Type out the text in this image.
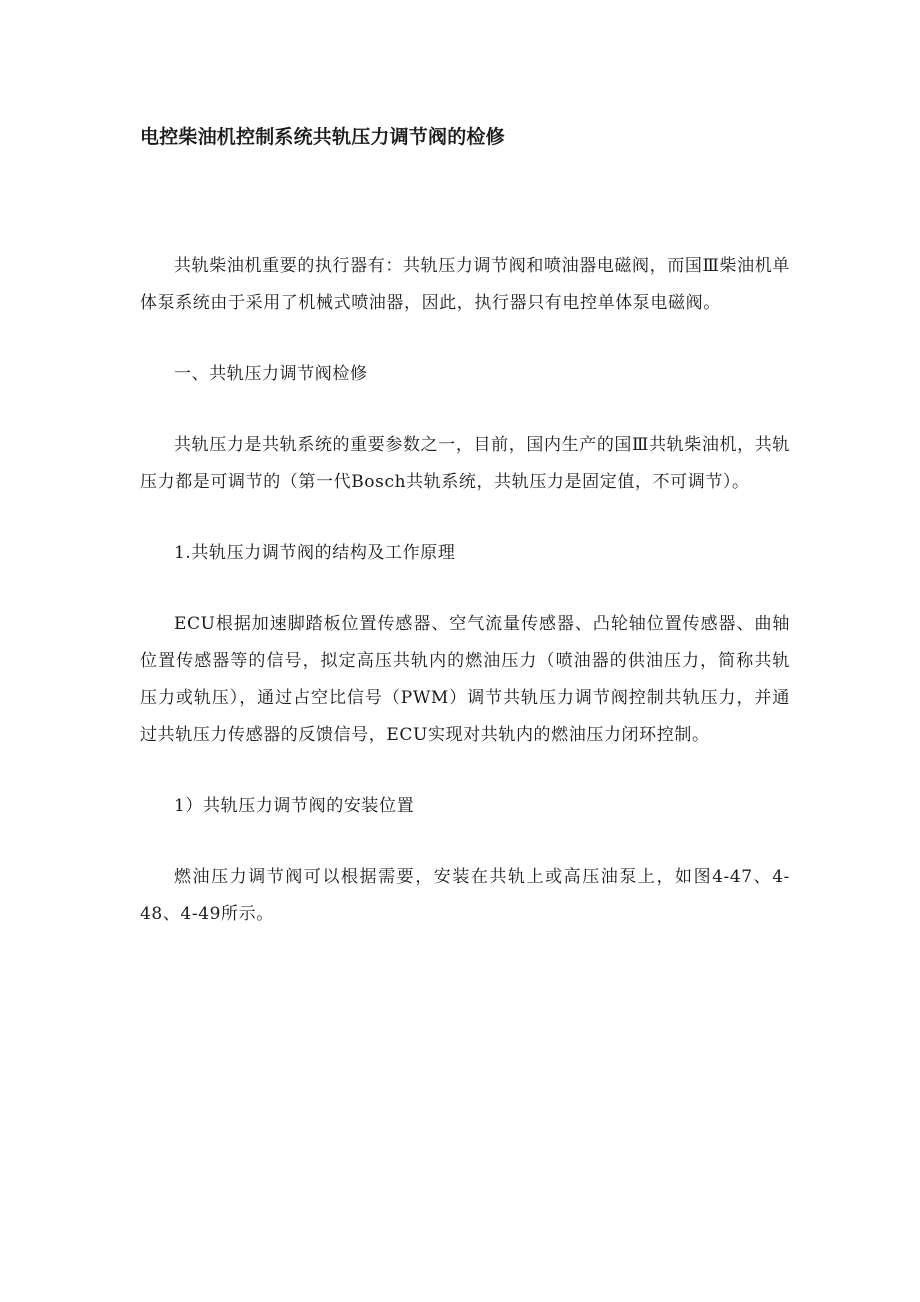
电控柴油机控制系统共轨压力调节阀的检修

共轨柴油机重要的执行器有：共轨压力调节阀和喷油器电磁阀，而国Ⅲ柴油机单体泵系统由于采用了机械式喷油器，因此，执行器只有电控单体泵电磁阀。

一、共轨压力调节阀检修

共轨压力是共轨系统的重要参数之一，目前，国内生产的国Ⅲ共轨柴油机，共轨压力都是可调节的（第一代Bosch共轨系统，共轨压力是固定值，不可调节）。

1.共轨压力调节阀的结构及工作原理

ECU根据加速脚踏板位置传感器、空气流量传感器、凸轮轴位置传感器、曲轴位置传感器等的信号，拟定高压共轨内的燃油压力（喷油器的供油压力，简称共轨压力或轨压），通过占空比信号（PWM）调节共轨压力调节阀控制共轨压力，并通过共轨压力传感器的反馈信号，ECU实现对共轨内的燃油压力闭环控制。

1）共轨压力调节阀的安装位置

燃油压力调节阀可以根据需要，安装在共轨上或高压油泵上，如图4-47、4-48、4-49所示。
